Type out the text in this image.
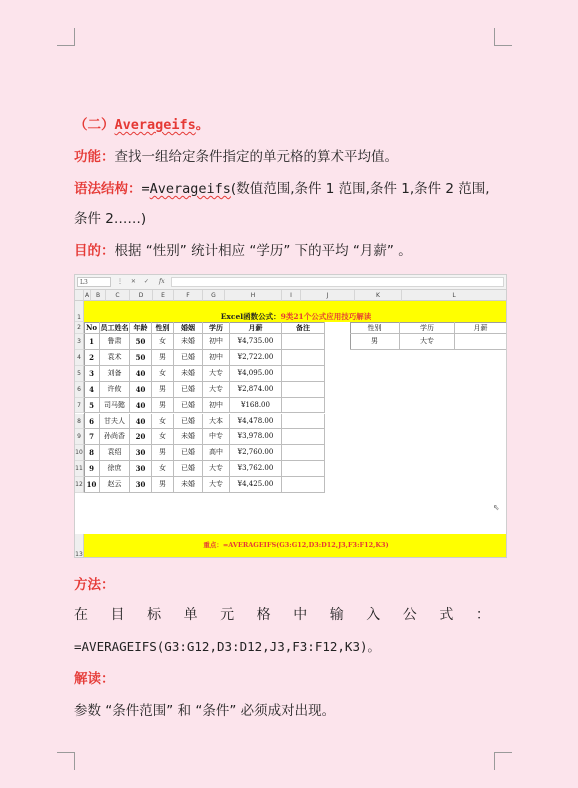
（二）Averageifs。
功能：查找一组给定条件指定的单元格的算术平均值。
语法结构：=Averageifs(数值范围,条件 1 范围,条件 1,条件 2 范围,
条件 2……)
目的：根据 “性别” 统计相应 “学历” 下的平均 “月薪” 。
L3	⋮ ✕ ✓	fx
A	B	C	D	E	F	G	H	I	J	K	L
1
2
3
4
5
6
7
8
9
10
11
12
13
No 员工姓名 年龄	性别	婚姻	学历	月薪	备注
1	鲁肃	50	女	未婚	初中	¥4,735.00
2	袁术	50	男	已婚	初中	¥2,722.00
3	刘备	40	女	未婚	大专	¥4,095.00
4	许攸	40	男	已婚	大专	¥2,874.00
5	司马懿	40	男	已婚	初中	¥168.00
6	甘夫人	40	女	已婚	大本	¥4,478.00
7	孙尚香	20	女	未婚	中专	¥3,978.00
8	袁绍	30	男	已婚	高中	¥2,760.00
9	徐庶	30	女	已婚	大专	¥3,762.00
10	赵云	30	男	未婚	大专	¥4,425.00
性别	学历	月薪
男	大专
Excel函数公式：9类21个公式应用技巧解读
重点：=AVERAGEIFS(G3:G12,D3:D12,J3,F3:F12,K3)
⇖
方法：
在 目 标 单 元 格 中 输 入 公 式 ：
=AVERAGEIFS(G3:G12,D3:D12,J3,F3:F12,K3)。
解读：
参数 “条件范围” 和 “条件” 必须成对出现。
